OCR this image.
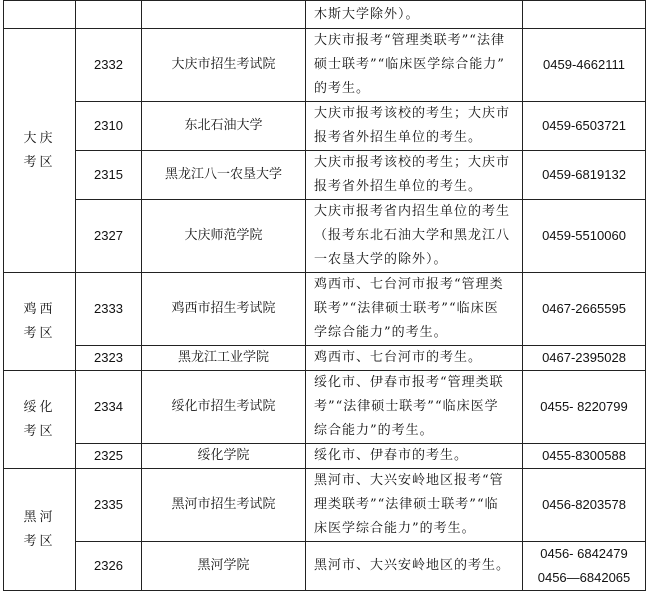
			木斯大学除外）。	

大庆
考区	2332	大庆市招生考试院	大庆市报考“管理类联考”“法律
硕士联考”“临床医学综合能力”
的考生。	0459-4662111
	2310	东北石油大学	大庆市报考该校的考生；大庆市
报考省外招生单位的考生。	0459-6503721
	2315	黑龙江八一农垦大学	大庆市报考该校的考生；大庆市
报考省外招生单位的考生。	0459-6819132
	2327	大庆师范学院	大庆市报考省内招生单位的考生
（报考东北石油大学和黑龙江八
一农垦大学的除外）。	0459-5510060

鸡西
考区	2333	鸡西市招生考试院	鸡西市、七台河市报考“管理类
联考”“法律硕士联考”“临床医
学综合能力”的考生。	0467-2665595
	2323	黑龙江工业学院	鸡西市、七台河市的考生。	0467-2395028

绥化
考区	2334	绥化市招生考试院	绥化市、伊春市报考“管理类联
考”“法律硕士联考”“临床医学
综合能力”的考生。	0455- 8220799
	2325	绥化学院	绥化市、伊春市的考生。	0455-8300588

黑河
考区	2335	黑河市招生考试院	黑河市、大兴安岭地区报考“管
理类联考”“法律硕士联考”“临
床医学综合能力”的考生。	0456-8203578
	2326	黑河学院	黑河市、大兴安岭地区的考生。	0456- 6842479
0456—6842065
